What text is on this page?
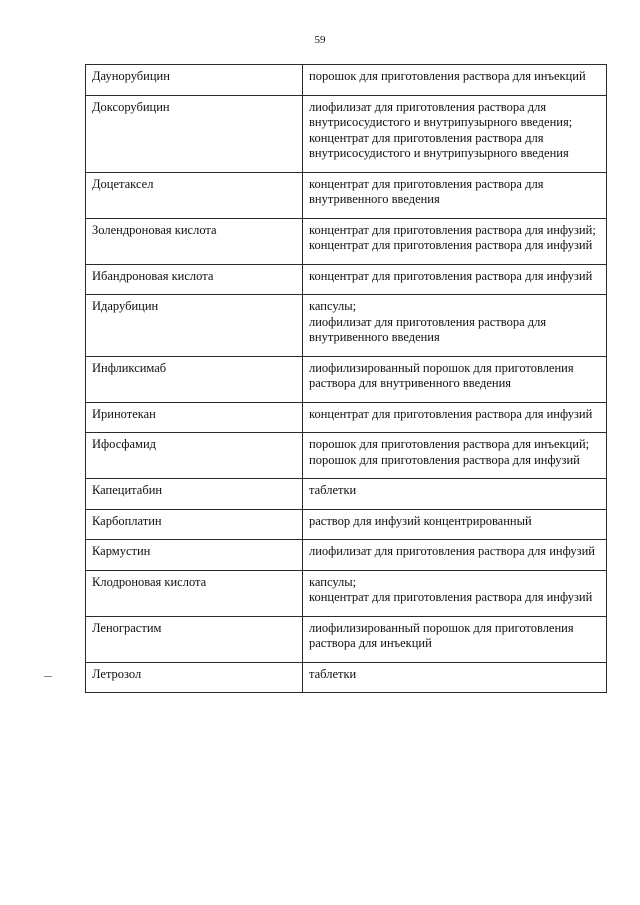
59
Даунорубицин	порошок для приготовления раствора для инъекций

Доксорубицин	лиофилизат для приготовления раствора для внутрисосудистого и внутрипузырного введения; концентрат для приготовления раствора для внутрисосудистого и внутрипузырного введения

Доцетаксел	концентрат для приготовления раствора для внутривенного введения

Золендроновая кислота	концентрат для приготовления раствора для инфузий;
концентрат для приготовления раствора для инфузий

Ибандроновая кислота	концентрат для приготовления раствора для инфузий

Идарубицин	капсулы;
лиофилизат для приготовления раствора для внутривенного введения

Инфликсимаб	лиофилизированный порошок для приготовления раствора для внутривенного введения

Иринотекан	концентрат для приготовления раствора для инфузий

Ифосфамид	порошок для приготовления раствора для инъекций;
порошок для приготовления раствора для инфузий

Капецитабин	таблетки

Карбоплатин	раствор для инфузий концентрированный

Кармустин	лиофилизат для приготовления раствора для инфузий

Клодроновая кислота	капсулы;
концентрат для приготовления раствора для инфузий

Ленограстим	лиофилизированный порошок для приготовления раствора для инъекций

Летрозол	таблетки
